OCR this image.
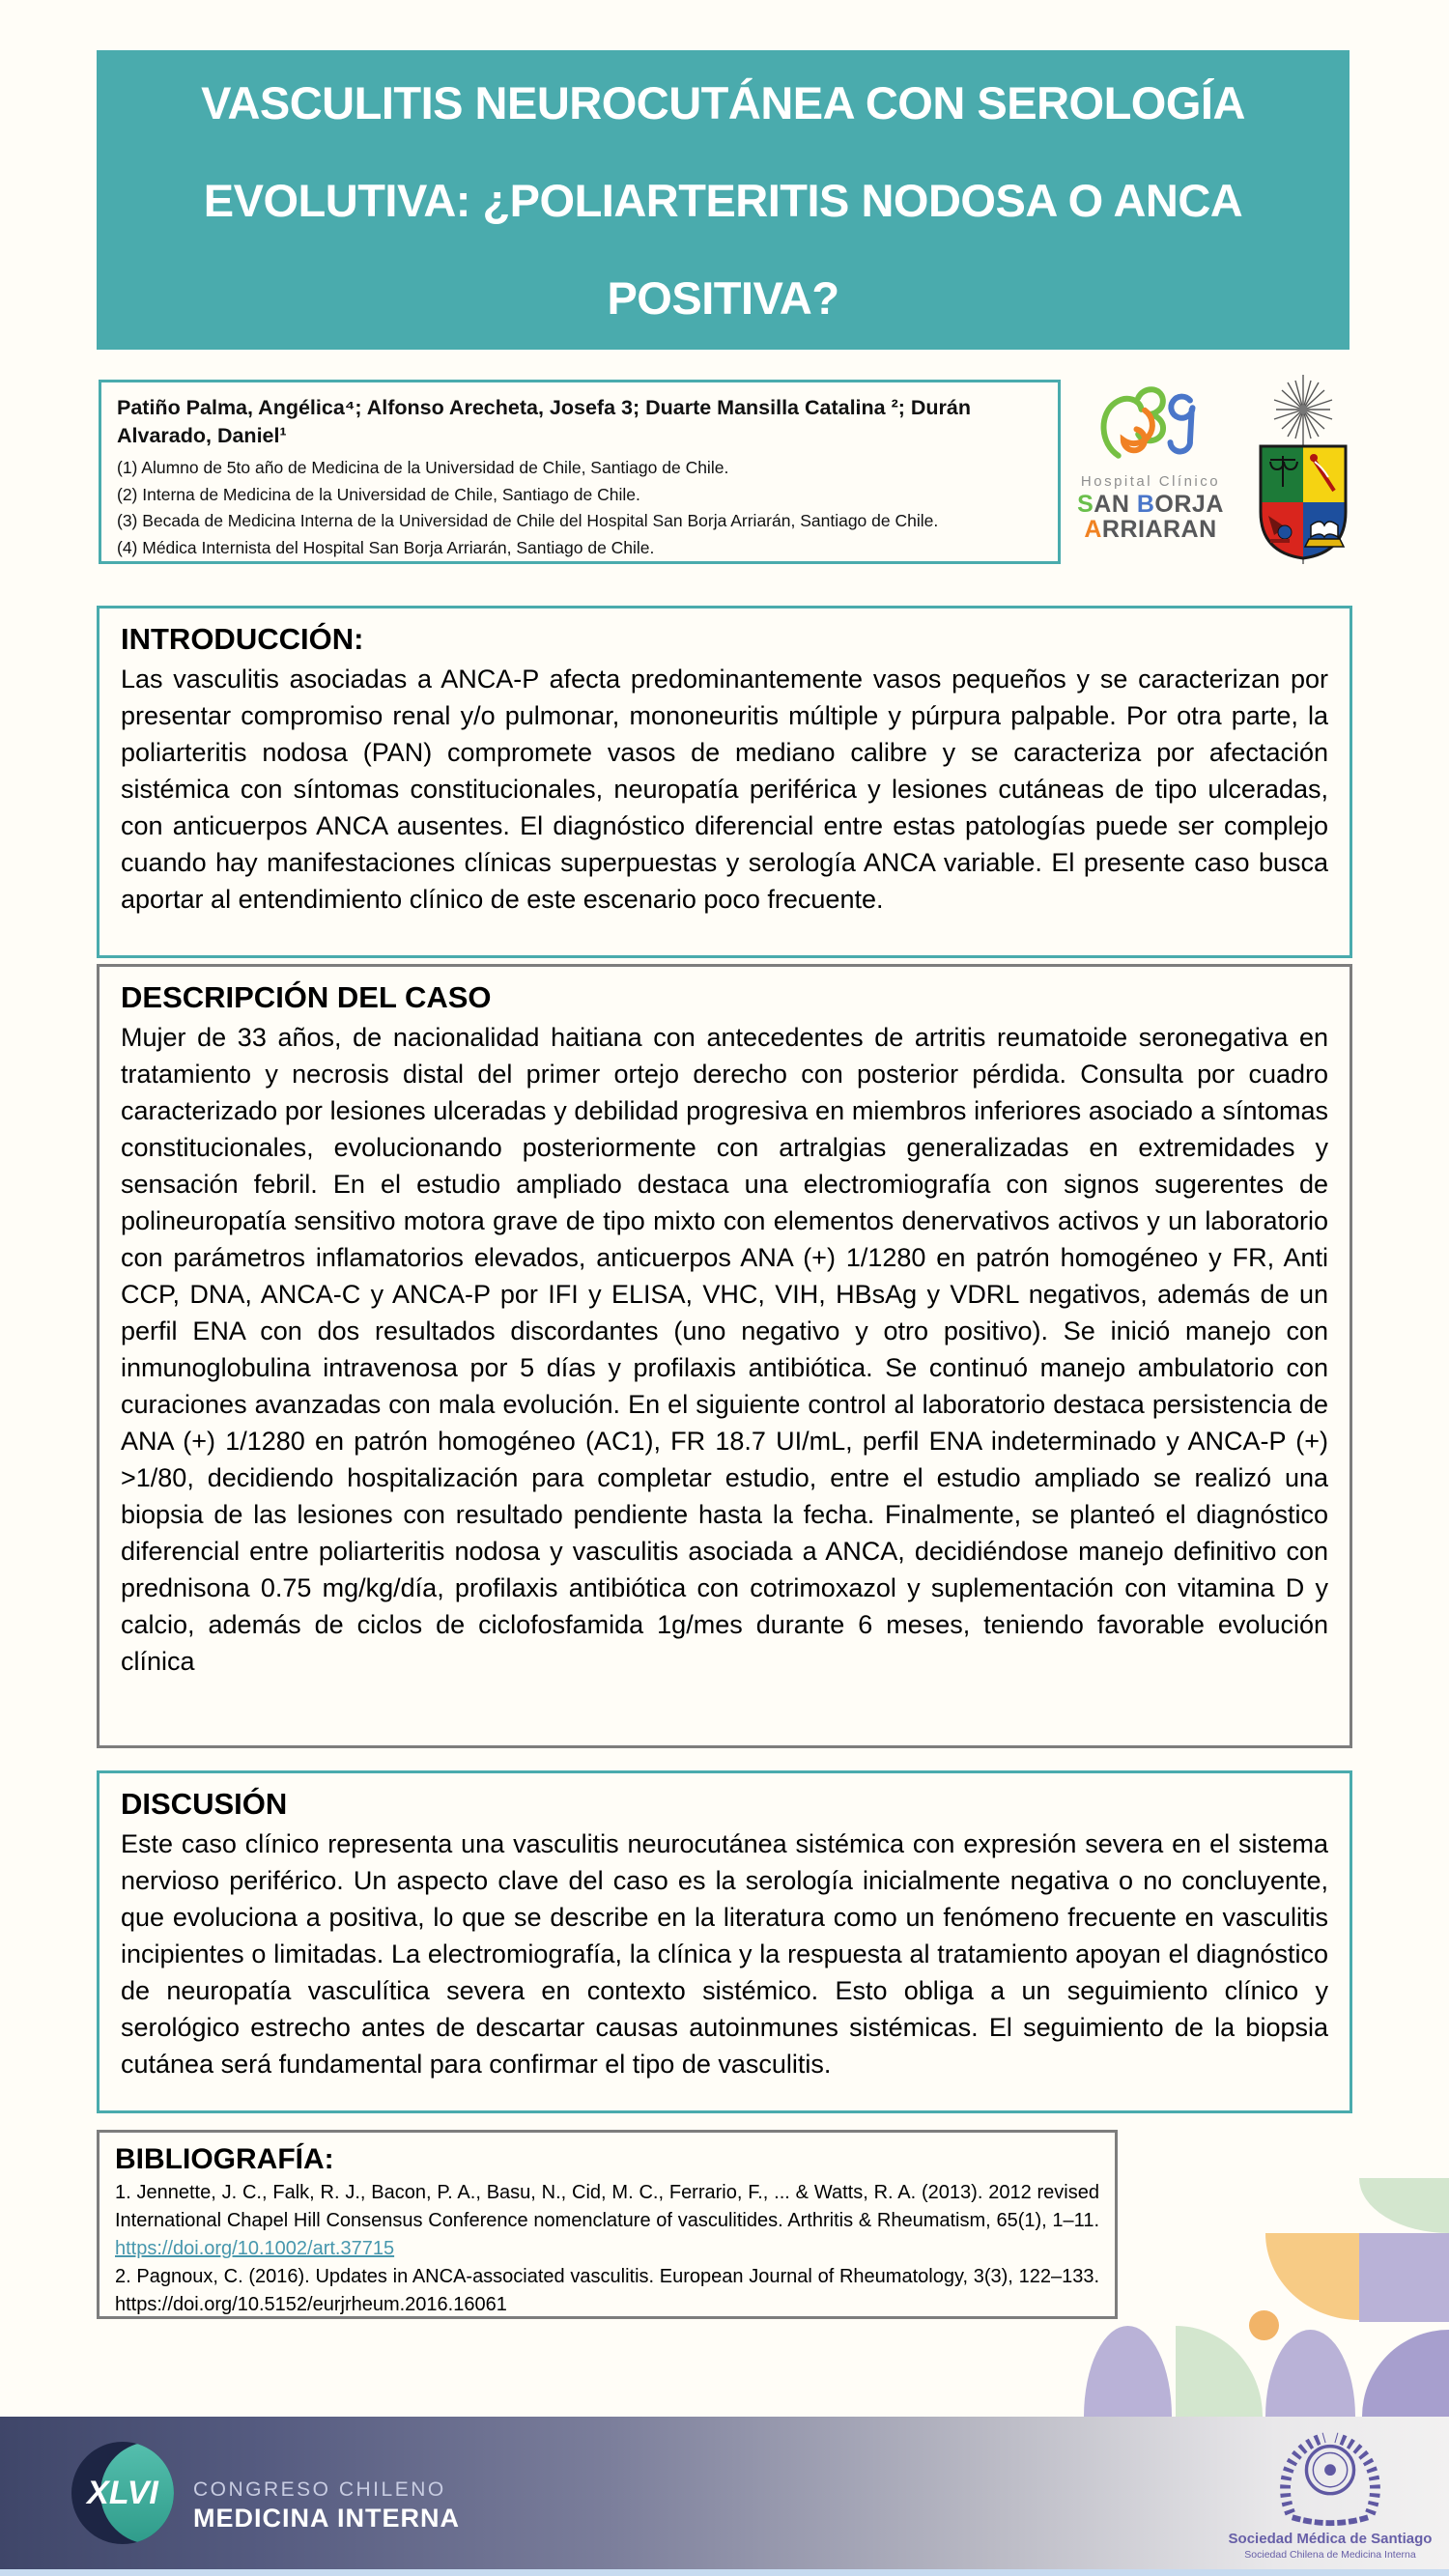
VASCULITIS NEUROCUTÁNEA CON SEROLOGÍA
EVOLUTIVA: ¿POLIARTERITIS NODOSA O ANCA
POSITIVA?
Patiño Palma, Angélica⁴; Alfonso Arecheta, Josefa 3; Duarte Mansilla Catalina ²; Durán Alvarado, Daniel¹
(1) Alumno de 5to año de Medicina de la Universidad de Chile, Santiago de Chile.
(2) Interna de Medicina de la Universidad de Chile, Santiago de Chile.
(3) Becada de Medicina Interna de la Universidad de Chile del Hospital San Borja Arriarán, Santiago de Chile.
(4) Médica Internista del Hospital San Borja Arriarán, Santiago de Chile.
Hospital Clínico
SAN BORJA
ARRIARAN
INTRODUCCIÓN:

Las vasculitis asociadas a ANCA-P afecta predominantemente vasos pequeños y se caracterizan por presentar compromiso renal y/o pulmonar, mononeuritis múltiple y púrpura palpable. Por otra parte, la poliarteritis nodosa (PAN) compromete vasos de mediano calibre y se caracteriza por afectación sistémica con síntomas constitucionales, neuropatía periférica y lesiones cutáneas de tipo ulceradas, con anticuerpos ANCA ausentes. El diagnóstico diferencial entre estas patologías puede ser complejo cuando hay manifestaciones clínicas superpuestas y serología ANCA variable. El presente caso busca aportar al entendimiento clínico de este escenario poco frecuente.

DESCRIPCIÓN DEL CASO

Mujer de 33 años, de nacionalidad haitiana con antecedentes de artritis reumatoide seronegativa en tratamiento y necrosis distal del primer ortejo derecho con posterior pérdida. Consulta por cuadro caracterizado por lesiones ulceradas y debilidad progresiva en miembros inferiores asociado a síntomas constitucionales, evolucionando posteriormente con artralgias generalizadas en extremidades y sensación febril. En el estudio ampliado destaca una electromiografía con signos sugerentes de polineuropatía sensitivo motora grave de tipo mixto con elementos denervativos activos y un laboratorio con parámetros inflamatorios elevados, anticuerpos ANA (+) 1/1280 en patrón homogéneo y FR, Anti CCP, DNA, ANCA-C y ANCA-P por IFI y ELISA, VHC, VIH, HBsAg y VDRL negativos, además de un perfil ENA con dos resultados discordantes (uno negativo y otro positivo). Se inició manejo con inmunoglobulina intravenosa por 5 días y profilaxis antibiótica. Se continuó manejo ambulatorio con curaciones avanzadas con mala evolución. En el siguiente control al laboratorio destaca persistencia de ANA (+) 1/1280 en patrón homogéneo (AC1), FR 18.7 UI/mL, perfil ENA indeterminado y ANCA-P (+) >1/80, decidiendo hospitalización para completar estudio, entre el estudio ampliado se realizó una biopsia de las lesiones con resultado pendiente hasta la fecha. Finalmente, se planteó el diagnóstico diferencial entre poliarteritis nodosa y vasculitis asociada a ANCA, decidiéndose manejo definitivo con prednisona 0.75 mg/kg/día, profilaxis antibiótica con cotrimoxazol y suplementación con vitamina D y calcio, además de ciclos de ciclofosfamida 1g/mes durante 6 meses, teniendo favorable evolución clínica

DISCUSIÓN

Este caso clínico representa una vasculitis neurocutánea sistémica con expresión severa en el sistema nervioso periférico. Un aspecto clave del caso es la serología inicialmente negativa o no concluyente, que evoluciona a positiva, lo que se describe en la literatura como un fenómeno frecuente en vasculitis incipientes o limitadas. La electromiografía, la clínica y la respuesta al tratamiento apoyan el diagnóstico de neuropatía vasculítica severa en contexto sistémico. Esto obliga a un seguimiento clínico y serológico estrecho antes de descartar causas autoinmunes sistémicas. El seguimiento de la biopsia cutánea será fundamental para confirmar el tipo de vasculitis.

BIBLIOGRAFÍA:

1. Jennette, J. C., Falk, R. J., Bacon, P. A., Basu, N., Cid, M. C., Ferrario, F., ... & Watts, R. A. (2013). 2012 revised International Chapel Hill Consensus Conference nomenclature of vasculitides. Arthritis & Rheumatism, 65(1), 1–11. https://doi.org/10.1002/art.37715

2. Pagnoux, C. (2016). Updates in ANCA-associated vasculitis. European Journal of Rheumatology, 3(3), 122–133. https://doi.org/10.5152/eurjrheum.2016.16061

XLVI	CONGRESO CHILENO
MEDICINA INTERNA
Sociedad Médica de Santiago
Sociedad Chilena de Medicina Interna
